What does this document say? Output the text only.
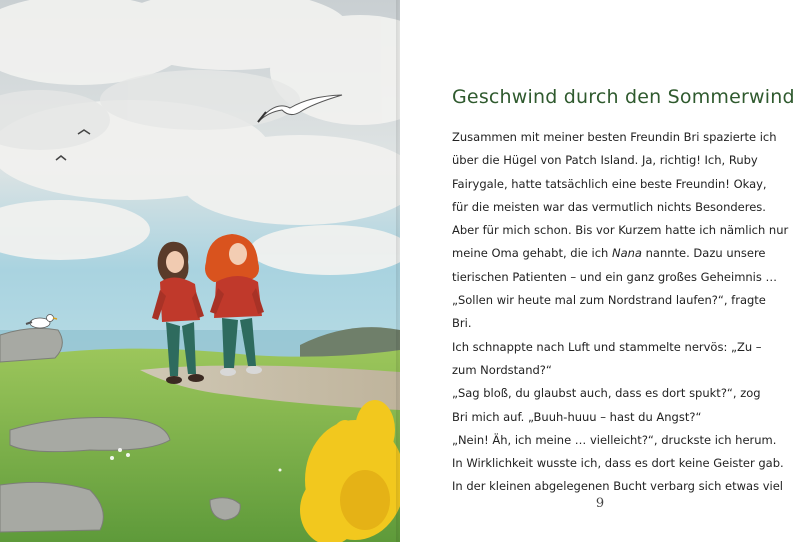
Geschwind durch den Sommerwind
Zusammen mit meiner besten Freundin Bri spazierte ich
über die Hügel von Patch Island. Ja, richtig! Ich, Ruby
Fairygale, hatte tatsächlich eine beste Freundin! Okay,
für die meisten war das vermutlich nichts Besonderes.
Aber für mich schon. Bis vor Kurzem hatte ich nämlich nur
meine Oma gehabt, die ich Nana nannte. Dazu unsere
tierischen Patienten – und ein ganz großes Geheimnis …
„Sollen wir heute mal zum Nordstrand laufen?“, fragte
Bri.
Ich schnappte nach Luft und stammelte nervös: „Zu –
zum Nordstand?“
„Sag bloß, du glaubst auch, dass es dort spukt?“, zog
Bri mich auf. „Buuh-huuu – hast du Angst?“
„Nein! Äh, ich meine … vielleicht?“, druckste ich herum.
In Wirklichkeit wusste ich, dass es dort keine Geister gab.
In der kleinen abgelegenen Bucht verbarg sich etwas viel
9
